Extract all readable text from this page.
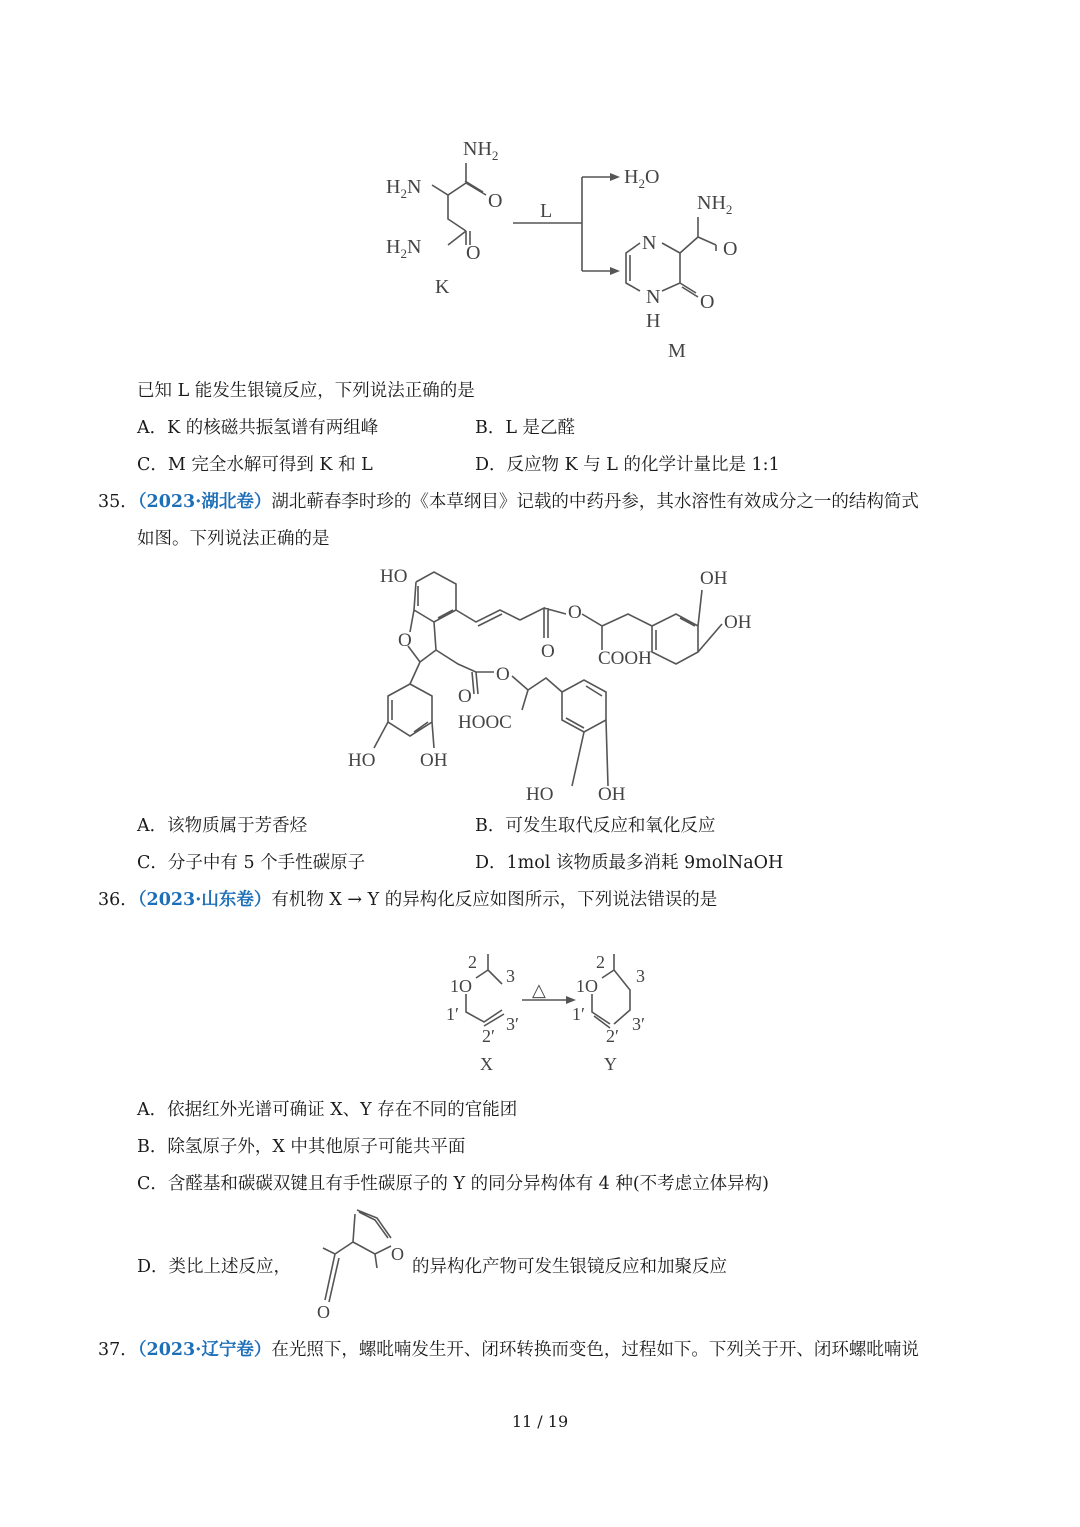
$NH_2$
$H_2N$
$H_2N$
O
O
K
L
$H_2O$
$NH_2$
N	O
O
N
H
M
已知 L 能发生银镜反应，下列说法正确的是
A．K 的核磁共振氢谱有两组峰	B．L 是乙醛
C．M 完全水解可得到 K 和 L	D．反应物 K 与 L 的化学计量比是 1:1
35．（2023·湖北卷）湖北蕲春李时珍的《本草纲目》记载的中药丹参，其水溶性有效成分之一的结构简式
如图。下列说法正确的是
HO	OH
OH
O
O
O COOH
O
O
HOOC
HO OH
HO OH
A．该物质属于芳香烃	B．可发生取代反应和氧化反应
C．分子中有 5 个手性碳原子	D．1mol 该物质最多消耗 9molNaOH
36．（2023·山东卷）有机物 X → Y 的异构化反应如图所示，下列说法错误的是
2
3
1O
1′
2′
3′
X
△
2
3
1O
1′
2′
3′
Y
A．依据红外光谱可确证 X、Y 存在不同的官能团
B．除氢原子外，X 中其他原子可能共平面
C．含醛基和碳碳双键且有手性碳原子的 Y 的同分异构体有 4 种(不考虑立体异构)
D．类比上述反应，
O
O
的异构化产物可发生银镜反应和加聚反应
37．（2023·辽宁卷）在光照下，螺吡喃发生开、闭环转换而变色，过程如下。下列关于开、闭环螺吡喃说
11 / 19
